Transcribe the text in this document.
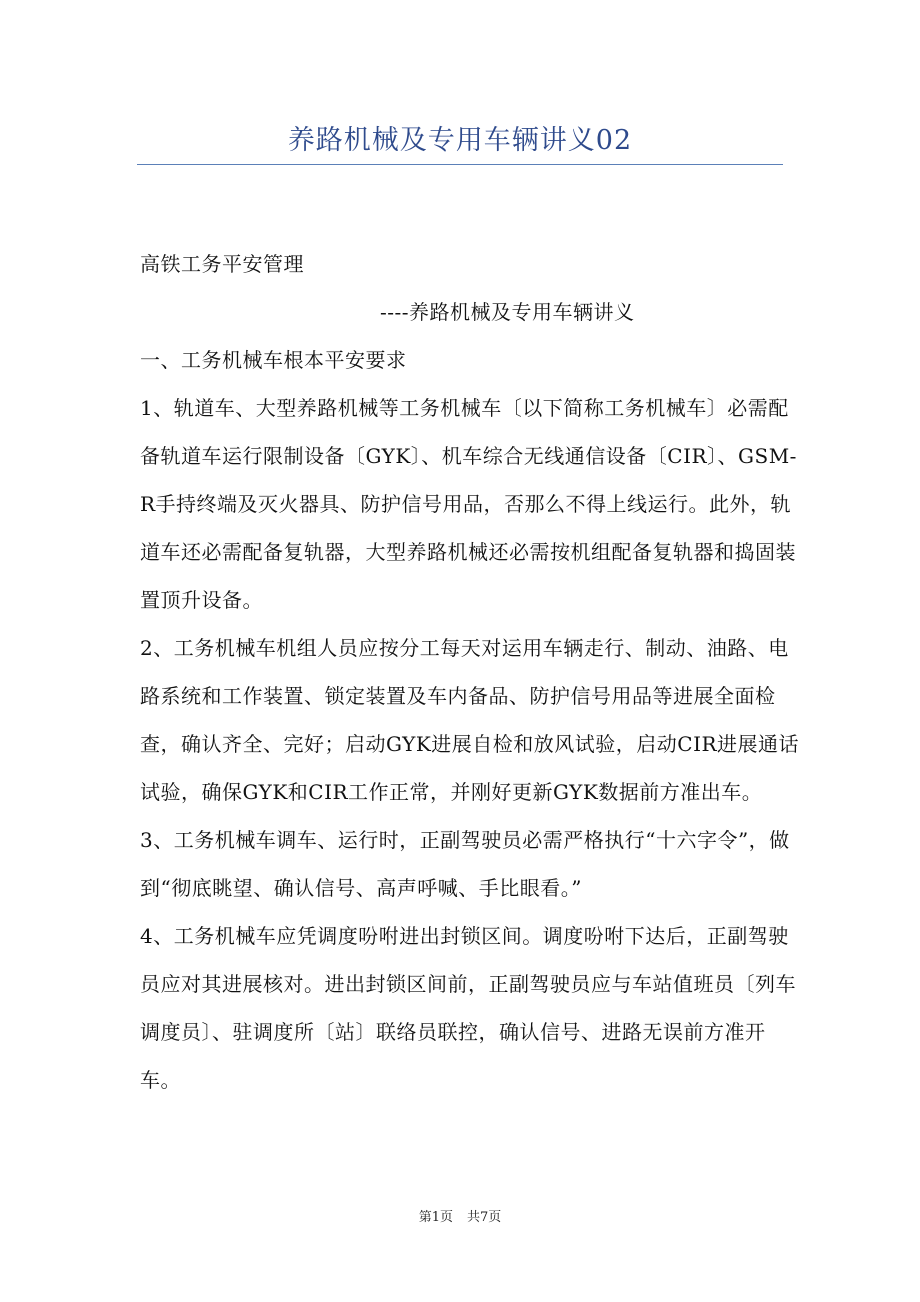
养路机械及专用车辆讲义02

高铁工务平安管理

----养路机械及专用车辆讲义

一、工务机械车根本平安要求

1、轨道车、大型养路机械等工务机械车〔以下简称工务机械车〕必需配备轨道车运行限制设备〔GYK〕、机车综合无线通信设备〔CIR〕、GSM-R手持终端及灭火器具、防护信号用品，否那么不得上线运行。此外，轨道车还必需配备复轨器，大型养路机械还必需按机组配备复轨器和捣固装置顶升设备。

2、工务机械车机组人员应按分工每天对运用车辆走行、制动、油路、电路系统和工作装置、锁定装置及车内备品、防护信号用品等进展全面检查，确认齐全、完好；启动GYK进展自检和放风试验，启动CIR进展通话试验，确保GYK和CIR工作正常，并刚好更新GYK数据前方准出车。

3、工务机械车调车、运行时，正副驾驶员必需严格执行“十六字令”，做到“彻底眺望、确认信号、高声呼喊、手比眼看。”

4、工务机械车应凭调度吩咐进出封锁区间。调度吩咐下达后，正副驾驶员应对其进展核对。进出封锁区间前，正副驾驶员应与车站值班员〔列车调度员〕、驻调度所〔站〕联络员联控，确认信号、进路无误前方准开车。

第1页 共7页
